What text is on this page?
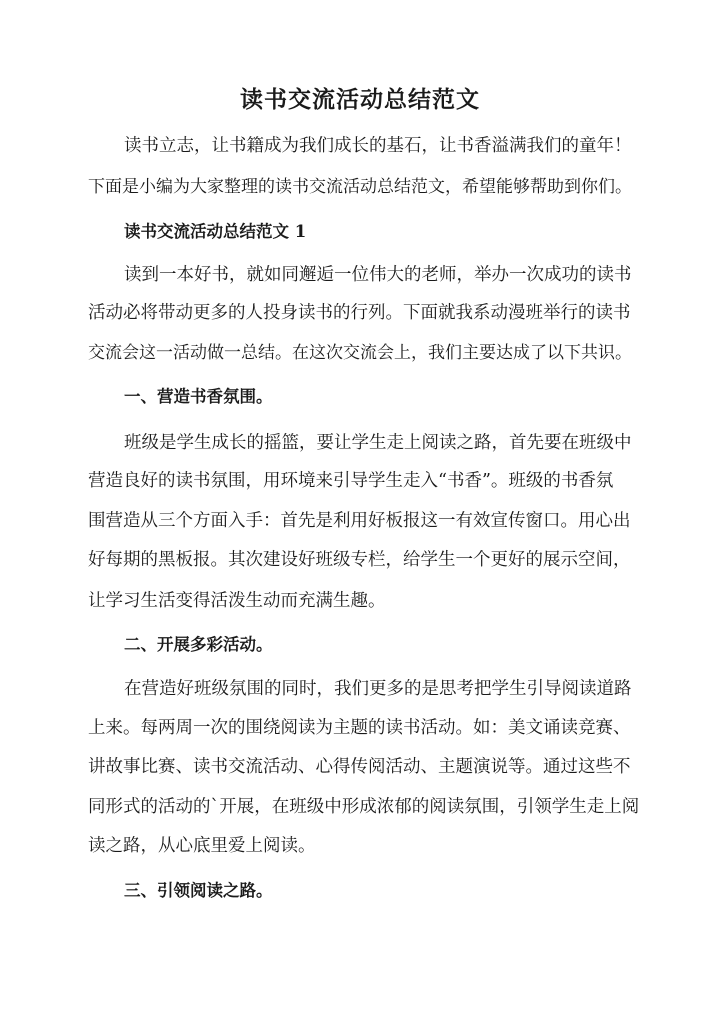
读书交流活动总结范文

读书立志，让书籍成为我们成长的基石，让书香溢满我们的童年！

下面是小编为大家整理的读书交流活动总结范文，希望能够帮助到你们。

读书交流活动总结范文 1

读到一本好书，就如同邂逅一位伟大的老师，举办一次成功的读书

活动必将带动更多的人投身读书的行列。下面就我系动漫班举行的读书

交流会这一活动做一总结。在这次交流会上，我们主要达成了以下共识。

一、营造书香氛围。

班级是学生成长的摇篮，要让学生走上阅读之路，首先要在班级中

营造良好的读书氛围，用环境来引导学生走入“书香”。班级的书香氛

围营造从三个方面入手：首先是利用好板报这一有效宣传窗口。用心出

好每期的黑板报。其次建设好班级专栏，给学生一个更好的展示空间，

让学习生活变得活泼生动而充满生趣。

二、开展多彩活动。

在营造好班级氛围的同时，我们更多的是思考把学生引导阅读道路

上来。每两周一次的围绕阅读为主题的读书活动。如：美文诵读竞赛、

讲故事比赛、读书交流活动、心得传阅活动、主题演说等。通过这些不

同形式的活动的`开展，在班级中形成浓郁的阅读氛围，引领学生走上阅

读之路，从心底里爱上阅读。

三、引领阅读之路。
